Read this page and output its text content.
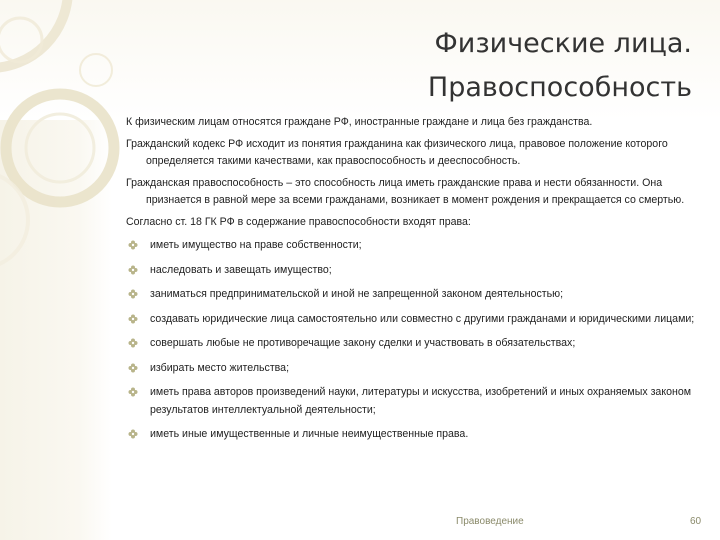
Физические лица.
Правоспособность

К физическим лицам относятся граждане РФ, иностранные граждане и лица без гражданства.

Гражданский кодекс РФ исходит из понятия гражданина как физического лица, правовое положение которого определяется такими качествами, как правоспособность и дееспособность.

Гражданская правоспособность – это способность лица иметь гражданские права и нести обязанности. Она признается в равной мере за всеми гражданами, возникает в момент рождения и прекращается со смертью.

Согласно ст. 18 ГК РФ в содержание правоспособности входят права:

иметь имущество на праве собственности;
наследовать и завещать имущество;
заниматься предпринимательской и иной не запрещенной законом деятельностью;
создавать юридические лица самостоятельно или совместно с другими гражданами и юридическими лицами;
совершать любые не противоречащие закону сделки и участвовать в обязательствах;
избирать место жительства;
иметь права авторов произведений науки, литературы и искусства, изобретений и иных охраняемых законом результатов интеллектуальной деятельности;
иметь иные имущественные и личные неимущественные права.
Правоведение	60
